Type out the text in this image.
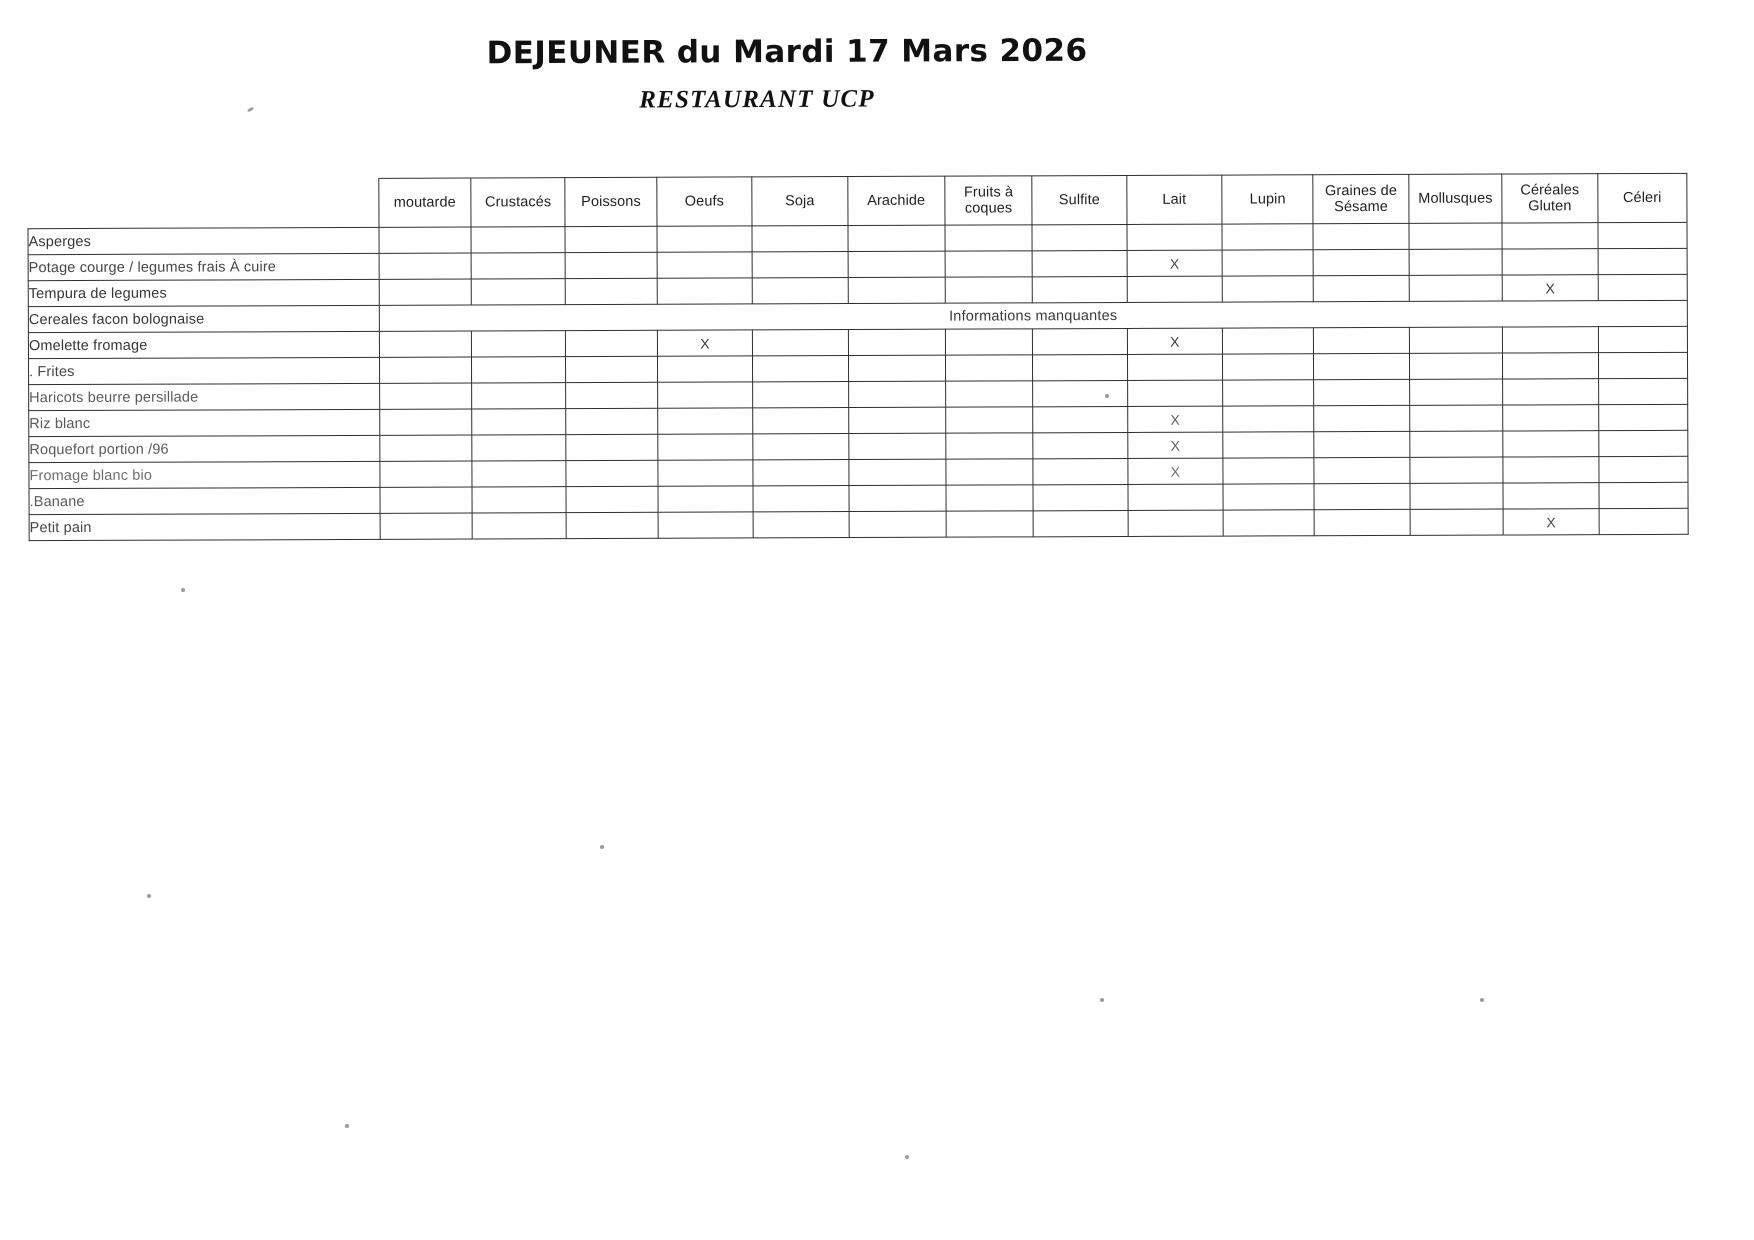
DEJEUNER du Mardi 17 Mars 2026
RESTAURANT UCP
	moutarde	Crustacés	Poissons	Oeufs	Soja	Arachide	Fruits à coques	Sulfite	Lait	Lupin	Graines de Sésame	Mollusques	Céréales Gluten	Céleri
Asperges														
Potage courge / legumes frais À cuire									X					
Tempura de legumes													X	
Cereales facon bolognaise	Informations manquantes													
Omelette fromage				X					X					
. Frites														
Haricots beurre persillade														
Riz blanc									X					
Roquefort portion /96									X					
Fromage blanc bio									X					
.Banane														
Petit pain													X	
